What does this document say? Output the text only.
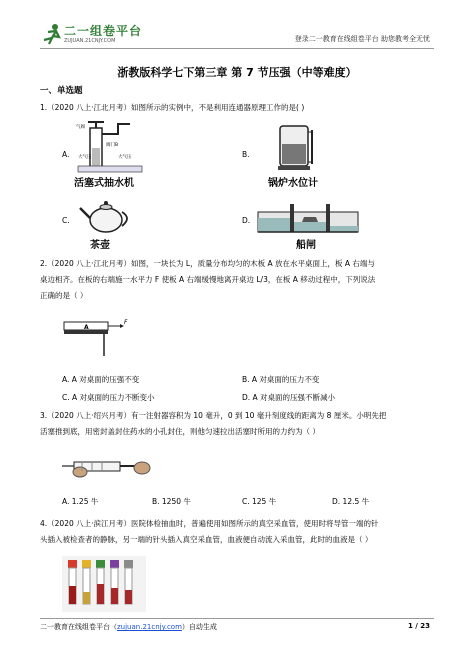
二一组卷平台
ZUJUAN.21CNJY.COM	登录二一教育在线组卷平台 助您教考全无忧
浙教版科学七下第三章 第 7 节压强（中等难度）
一、单选题
1.（2020 八上·江北月考）如图所示的实例中，不是利用连通器原理工作的是( )
A.
气阀
阀门B
大气压	大气压
活塞式抽水机
B.
锅炉水位计
C.
茶壶
D.
船闸
2.（2020 八上·江北月考）如图，一块长为 L，质量分布均匀的木板 A 放在水平桌面上，板 A 右端与
桌边相齐。在板的右端施一水平力 F 使板 A 右端缓慢地离开桌边 L/3，在板 A 移动过程中，下列说法
正确的是（ ）
A
F
A. A 对桌面的压强不变	B. A 对桌面的压力不变
C. A 对桌面的压力不断变小	D. A 对桌面的压强不断减小
3.（2020 八上·绍兴月考）有一注射器容积为 10 毫升，0 到 10 毫升刻度线的距离为 8 厘米。小明先把
活塞推到底，用密封盖封住药水的小孔封住，则他匀速拉出活塞时所用的力约为（ ）
A. 1.25 牛	B. 1250 牛	C. 125 牛	D. 12.5 牛
4.（2020 八上·滨江月考）医院体检抽血时，普遍使用如图所示的真空采血管，使用时将导管一端的针
头插入被检查者的静脉，另一端的针头插入真空采血管，血液便自动流入采血管，此时的血液是（ ）
二一教育在线组卷平台（zujuan.21cnjy.com）自动生成	1 / 23
